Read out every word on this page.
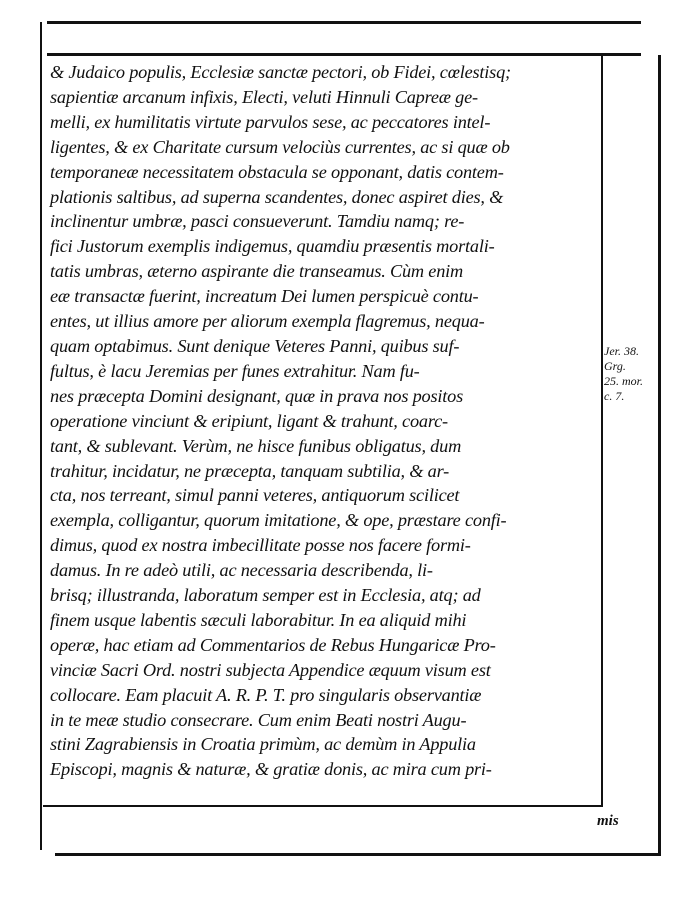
& Judaico populis, Ecclesiæ sanctæ pectori, ob Fidei, cœlestisq;
sapientiæ arcanum infixis, Electi, veluti Hinnuli Capreæ ge-
melli, ex humilitatis virtute parvulos sese, ac peccatores intel-
ligentes, & ex Charitate cursum velociùs currentes, ac si quæ ob
temporaneæ necessitatem obstacula se opponant, datis contem-
plationis saltibus, ad superna scandentes, donec aspiret dies, &
inclinentur umbræ, pasci consueverunt. Tamdiu namq; re-
fici Justorum exemplis indigemus, quamdiu præsentis mortali-
tatis umbras, æterno aspirante die transeamus. Cùm enim
eæ transactæ fuerint, increatum Dei lumen perspicuè contu-
entes, ut illius amore per aliorum exempla flagremus, nequa-
quam optabimus. Sunt denique Veteres Panni, quibus suf-
fultus, è lacu Jeremias per funes extrahitur. Nam fu-
nes præcepta Domini designant, quæ in prava nos positos
operatione vinciunt & eripiunt, ligant & trahunt, coarc-
tant, & sublevant. Verùm, ne hisce funibus obligatus, dum
trahitur, incidatur, ne præcepta, tanquam subtilia, & ar-
cta, nos terreant, simul panni veteres, antiquorum scilicet
exempla, colligantur, quorum imitatione, & ope, præstare confi-
dimus, quod ex nostra imbecillitate posse nos facere formi-
damus. In re adeò utili, ac necessaria describenda, li-
brisq; illustranda, laboratum semper est in Ecclesia, atq; ad
finem usque labentis sæculi laborabitur. In ea aliquid mihi
operæ, hac etiam ad Commentarios de Rebus Hungaricæ Pro-
vinciæ Sacri Ord. nostri subjecta Appendice æquum visum est
collocare. Eam placuit A. R. P. T. pro singularis observantiæ
in te meæ studio consecrare. Cum enim Beati nostri Augu-
stini Zagrabiensis in Croatia primùm, ac demùm in Appulia
Episcopi, magnis & naturæ, & gratiæ donis, ac mira cum pri-
Jer. 38.
Grg.
25. mor.
c. 7.
mis
